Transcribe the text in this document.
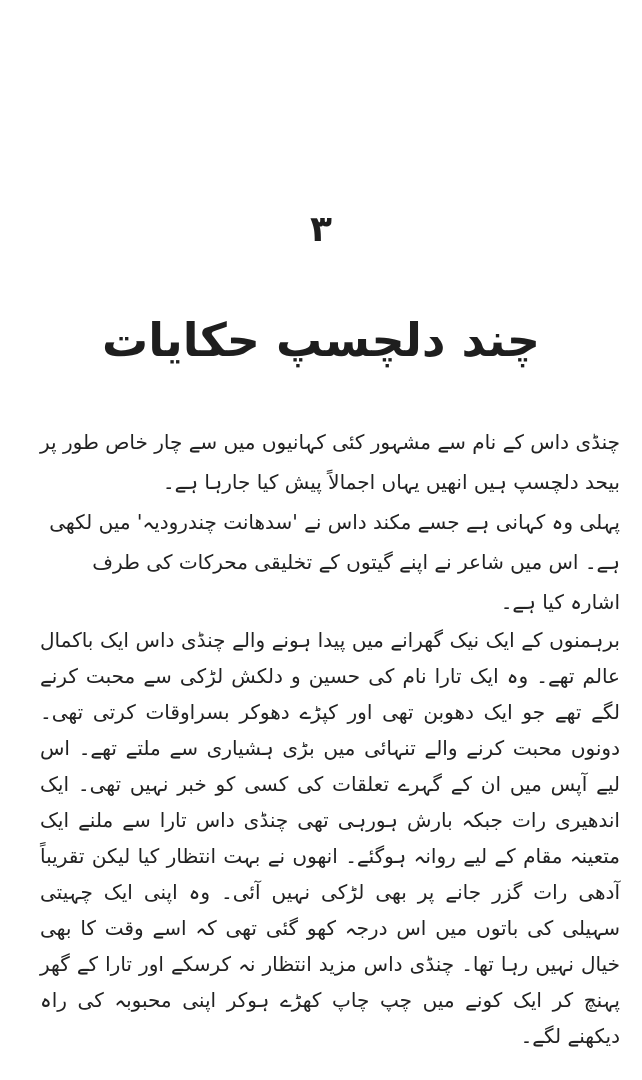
۳
چند دلچسپ حکایات

چنڈی داس کے نام سے مشہور کئی کہانیوں میں سے چار خاص طور پر بیحد دلچسپ ہیں انھیں یہاں اجمالاً پیش کیا جارہا ہے۔

پہلی وہ کہانی ہے جسے مکند داس نے 'سدھانت چندرودیہ' میں لکھی ہے۔ اس میں شاعر نے اپنے گیتوں کے تخلیقی محرکات کی طرف اشارہ کیا ہے۔

برہمنوں کے ایک نیک گھرانے میں پیدا ہونے والے چنڈی داس ایک باکمال عالم تھے۔ وہ ایک تارا نام کی حسین و دلکش لڑکی سے محبت کرنے لگے تھے جو ایک دھوبن تھی اور کپڑے دھوکر بسراوقات کرتی تھی۔ دونوں محبت کرنے والے تنہائی میں بڑی ہشیاری سے ملتے تھے۔ اس لیے آپس میں ان کے گہرے تعلقات کی کسی کو خبر نہیں تھی۔ ایک اندھیری رات جبکہ بارش ہورہی تھی چنڈی داس تارا سے ملنے ایک متعینہ مقام کے لیے روانہ ہوگئے۔ انھوں نے بہت انتظار کیا لیکن تقریباً آدھی رات گزر جانے پر بھی لڑکی نہیں آئی۔ وہ اپنی ایک چہیتی سہیلی کی باتوں میں اس درجہ کھو گئی تھی کہ اسے وقت کا بھی خیال نہیں رہا تھا۔ چنڈی داس مزید انتظار نہ کرسکے اور تارا کے گھر پہنچ کر ایک کونے میں چپ چاپ کھڑے ہوکر اپنی محبوبہ کی راہ دیکھنے لگے۔
